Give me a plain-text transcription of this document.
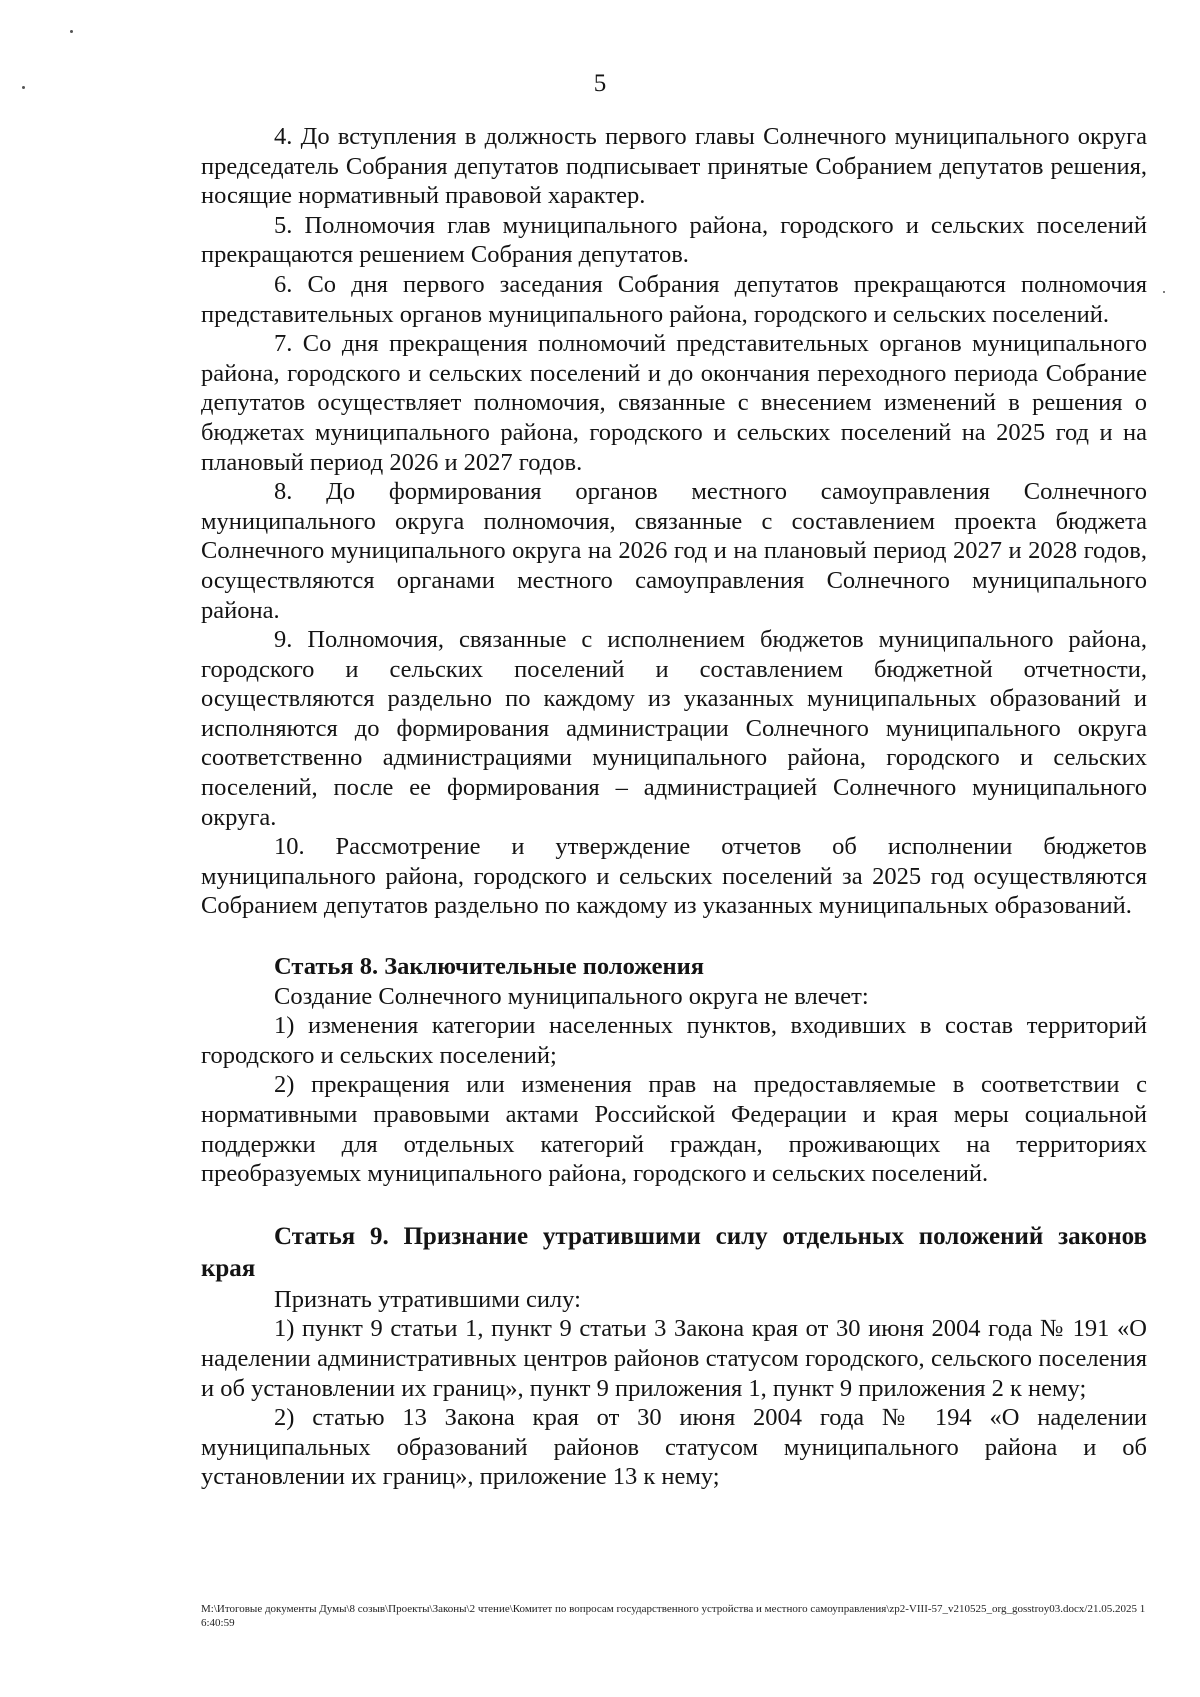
5

4. До вступления в должность первого главы Солнечного муниципального округа председатель Собрания депутатов подписывает принятые Собранием депутатов решения, носящие нормативный правовой характер.

5. Полномочия глав муниципального района, городского и сельских поселений прекращаются решением Собрания депутатов.

6. Со дня первого заседания Собрания депутатов прекращаются полномочия представительных органов муниципального района, городского и сельских поселений.

7. Со дня прекращения полномочий представительных органов муниципального района, городского и сельских поселений и до окончания переходного периода Собрание депутатов осуществляет полномочия, связанные с внесением изменений в решения о бюджетах муниципального района, городского и сельских поселений на 2025 год и на плановый период 2026 и 2027 годов.

8. До формирования органов местного самоуправления Солнечного муниципального округа полномочия, связанные с составлением проекта бюджета Солнечного муниципального округа на 2026 год и на плановый период 2027 и 2028 годов, осуществляются органами местного самоуправления Солнечного муниципального района.

9. Полномочия, связанные с исполнением бюджетов муниципального района, городского и сельских поселений и составлением бюджетной отчетности, осуществляются раздельно по каждому из указанных муниципальных образований и исполняются до формирования администрации Солнечного муниципального округа соответственно администрациями муниципального района, городского и сельских поселений, после ее формирования – администрацией Солнечного муниципального округа.

10. Рассмотрение и утверждение отчетов об исполнении бюджетов муниципального района, городского и сельских поселений за 2025 год осуществляются Собранием депутатов раздельно по каждому из указанных муниципальных образований.

Статья 8. Заключительные положения

Создание Солнечного муниципального округа не влечет:

1) изменения категории населенных пунктов, входивших в состав территорий городского и сельских поселений;

2) прекращения или изменения прав на предоставляемые в соответствии с нормативными правовыми актами Российской Федерации и края меры социальной поддержки для отдельных категорий граждан, проживающих на территориях преобразуемых муниципального района, городского и сельских поселений.

Статья 9. Признание утратившими силу отдельных положений законов края

Признать утратившими силу:

1) пункт 9 статьи 1, пункт 9 статьи 3 Закона края от 30 июня 2004 года № 191 «О наделении административных центров районов статусом городского, сельского поселения и об установлении их границ», пункт 9 приложения 1, пункт 9 приложения 2 к нему;

2) статью 13 Закона края от 30 июня 2004 года № 194 «О наделении муниципальных образований районов статусом муниципального района и об установлении их границ», приложение 13 к нему;

M:\Итоговые документы Думы\8 созыв\Проекты\Законы\2 чтение\Комитет по вопросам государственного устройства и местного самоуправления\zp2-VIII-57_v210525_org_gosstroy03.docx/21.05.2025 16:40:59
